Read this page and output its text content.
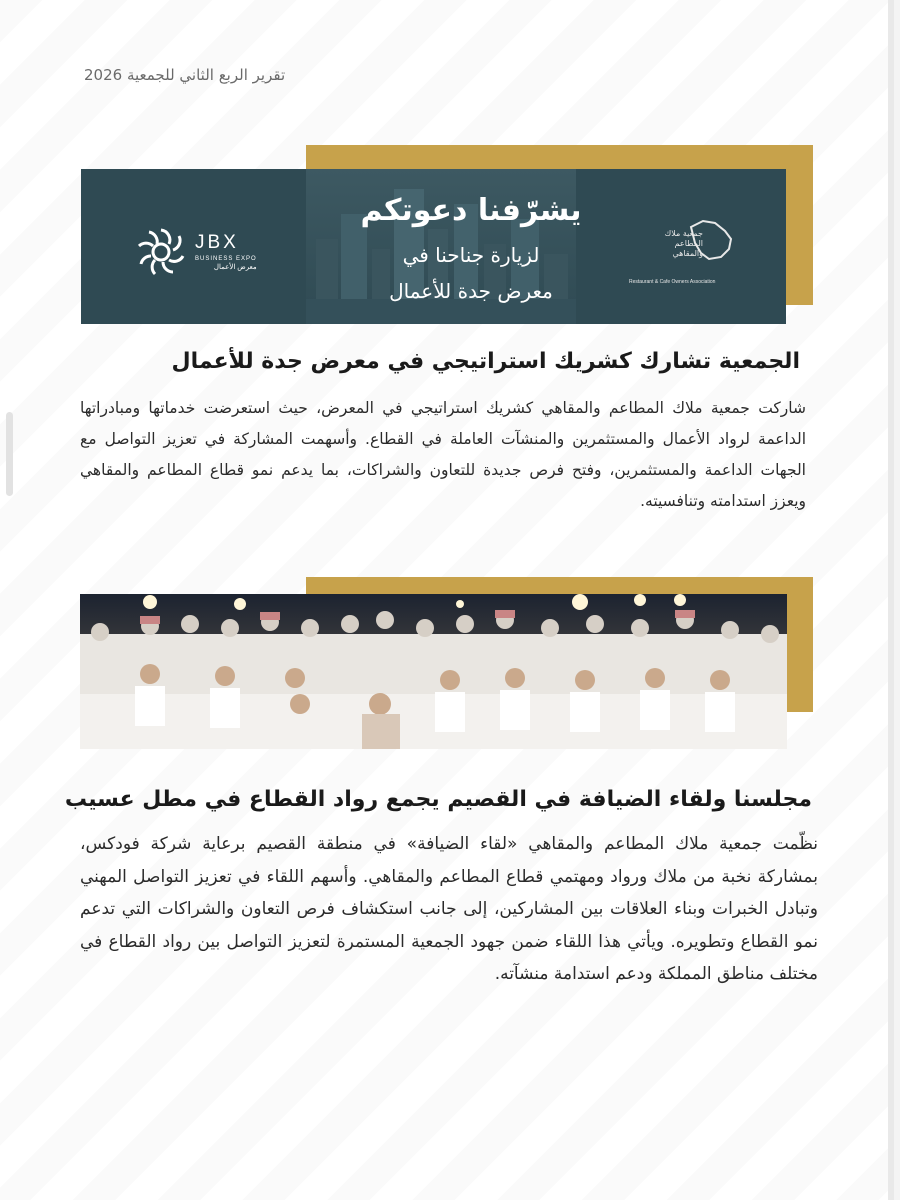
تقرير الربع الثاني للجمعية 2026
يشرّفنا دعوتكم
لزيارة جناحنا في
معرض جدة للأعمال
JBX
BUSINESS EXPO
معرض الأعمال
جمعية ملاك المطاعم والمقاهي
Restaurant & Cafe Owners Association
الجمعية تشارك كشريك استراتيجي في معرض جدة للأعمال
شاركت جمعية ملاك المطاعم والمقاهي كشريك استراتيجي في المعرض، حيث استعرضت خدماتها ومبادراتها الداعمة لرواد الأعمال والمستثمرين والمنشآت العاملة في القطاع. وأسهمت المشاركة في تعزيز التواصل مع الجهات الداعمة والمستثمرين، وفتح فرص جديدة للتعاون والشراكات، بما يدعم نمو قطاع المطاعم والمقاهي ويعزز استدامته وتنافسيته.
مجلسنا ولقاء الضيافة في القصيم يجمع رواد القطاع في مطل عسيب
نظّمت جمعية ملاك المطاعم والمقاهي «لقاء الضيافة» في منطقة القصيم برعاية شركة فودكس، بمشاركة نخبة من ملاك ورواد ومهتمي قطاع المطاعم والمقاهي. وأسهم اللقاء في تعزيز التواصل المهني وتبادل الخبرات وبناء العلاقات بين المشاركين، إلى جانب استكشاف فرص التعاون والشراكات التي تدعم نمو القطاع وتطويره. ويأتي هذا اللقاء ضمن جهود الجمعية المستمرة لتعزيز التواصل بين رواد القطاع في مختلف مناطق المملكة ودعم استدامة منشآته.
